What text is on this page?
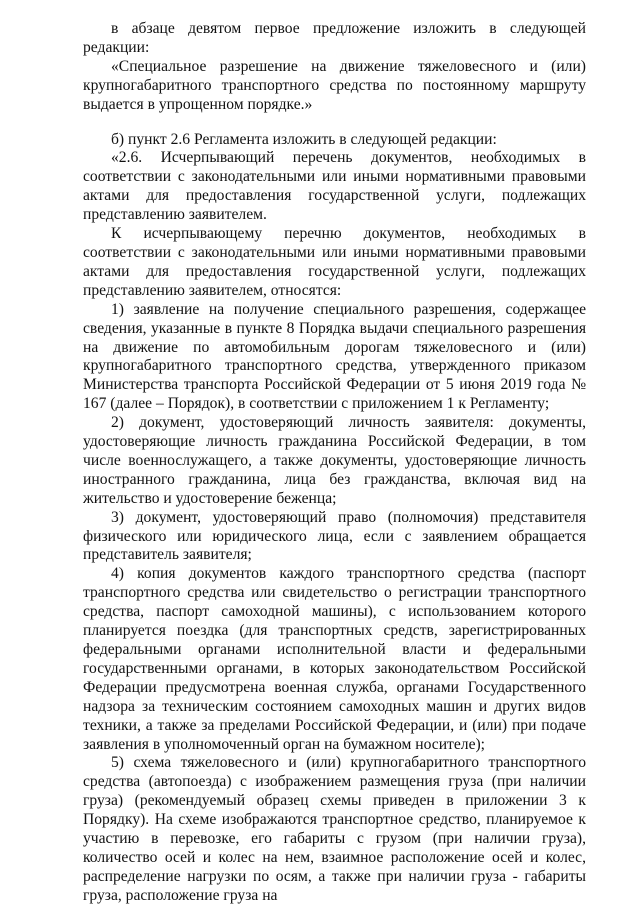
в абзаце девятом первое предложение изложить в следующей редакции:

«Специальное разрешение на движение тяжеловесного и (или) крупногабаритного транспортного средства по постоянному маршруту выдается в упрощенном порядке.»

б) пункт 2.6 Регламента изложить в следующей редакции:

«2.6. Исчерпывающий перечень документов, необходимых в соответствии с законодательными или иными нормативными правовыми актами для предоставления государственной услуги, подлежащих представлению заявителем.

К исчерпывающему перечню документов, необходимых в соответствии с законодательными или иными нормативными правовыми актами для предоставления государственной услуги, подлежащих представлению заявителем, относятся:

1) заявление на получение специального разрешения, содержащее сведения, указанные в пункте 8 Порядка выдачи специального разрешения на движение по автомобильным дорогам тяжеловесного и (или) крупногабаритного транспортного средства, утвержденного приказом Министерства транспорта Российской Федерации от 5 июня 2019 года № 167 (далее – Порядок), в соответствии с приложением 1 к Регламенту;

2) документ, удостоверяющий личность заявителя: документы, удостоверяющие личность гражданина Российской Федерации, в том числе военнослужащего, а также документы, удостоверяющие личность иностранного гражданина, лица без гражданства, включая вид на жительство и удостоверение беженца;

3) документ, удостоверяющий право (полномочия) представителя физического или юридического лица, если с заявлением обращается представитель заявителя;

4) копия документов каждого транспортного средства (паспорт транспортного средства или свидетельство о регистрации транспортного средства, паспорт самоходной машины), с использованием которого планируется поездка (для транспортных средств, зарегистрированных федеральными органами исполнительной власти и федеральными государственными органами, в которых законодательством Российской Федерации предусмотрена военная служба, органами Государственного надзора за техническим состоянием самоходных машин и других видов техники, а также за пределами Российской Федерации, и (или) при подаче заявления в уполномоченный орган на бумажном носителе);

5) схема тяжеловесного и (или) крупногабаритного транспортного средства (автопоезда) с изображением размещения груза (при наличии груза) (рекомендуемый образец схемы приведен в приложении 3 к Порядку). На схеме изображаются транспортное средство, планируемое к участию в перевозке, его габариты с грузом (при наличии груза), количество осей и колес на нем, взаимное расположение осей и колес, распределение нагрузки по осям, а также при наличии груза - габариты груза, расположение груза на
